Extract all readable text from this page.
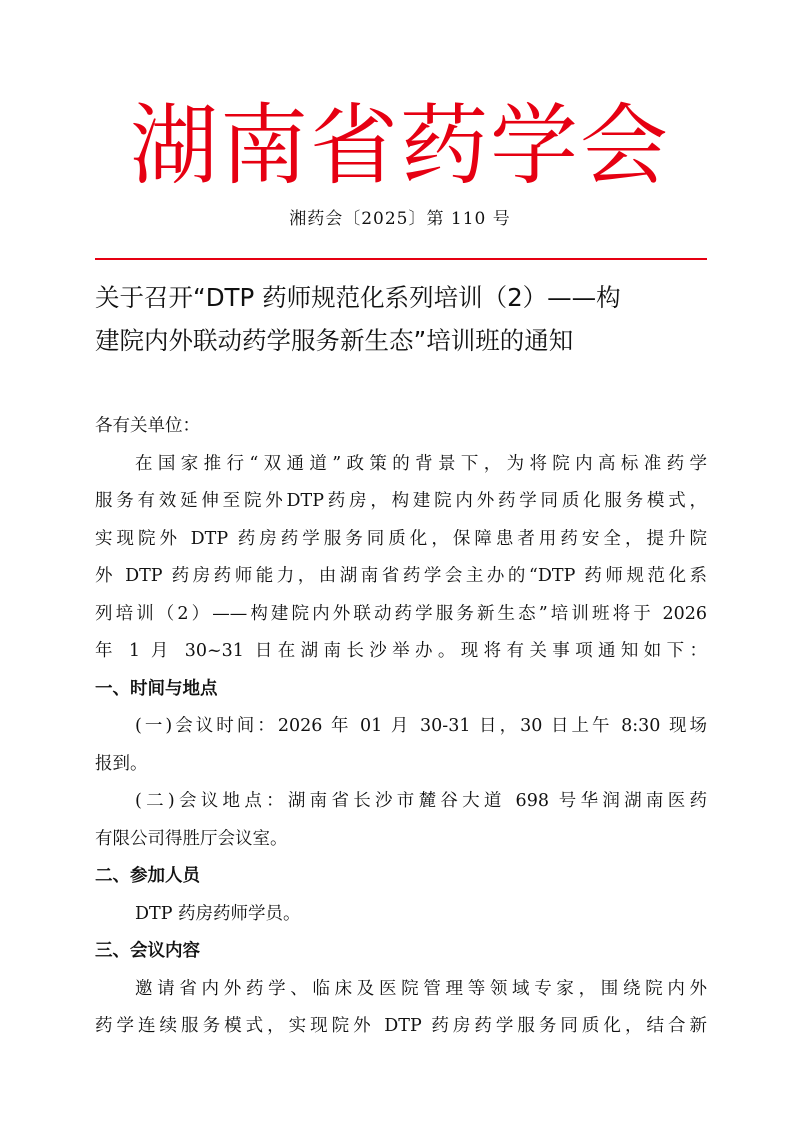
湖南省药学会
湘药会〔2025〕第 110 号
关于召开“DTP 药师规范化系列培训（2）——构
建院内外联动药学服务新生态”培训班的通知
各有关单位：
在国家推行“双通道”政策的背景下，为将院内高标准药学
服务有效延伸至院外DTP药房，构建院内外药学同质化服务模式，
实现院外 DTP 药房药学服务同质化，保障患者用药安全，提升院
外 DTP 药房药师能力，由湖南省药学会主办的“DTP 药师规范化系
列培训（2）——构建院内外联动药学服务新生态”培训班将于 2026
年 1 月 30~31 日在湖南长沙举办。现将有关事项通知如下：
一、时间与地点
(一)会议时间：2026 年 01 月 30-31 日，30 日上午 8:30 现场
报到。
(二)会议地点：湖南省长沙市麓谷大道 698 号华润湖南医药
有限公司得胜厅会议室。
二、参加人员
DTP 药房药师学员。
三、会议内容
邀请省内外药学、临床及医院管理等领域专家，围绕院内外
药学连续服务模式，实现院外 DTP 药房药学服务同质化，结合新
